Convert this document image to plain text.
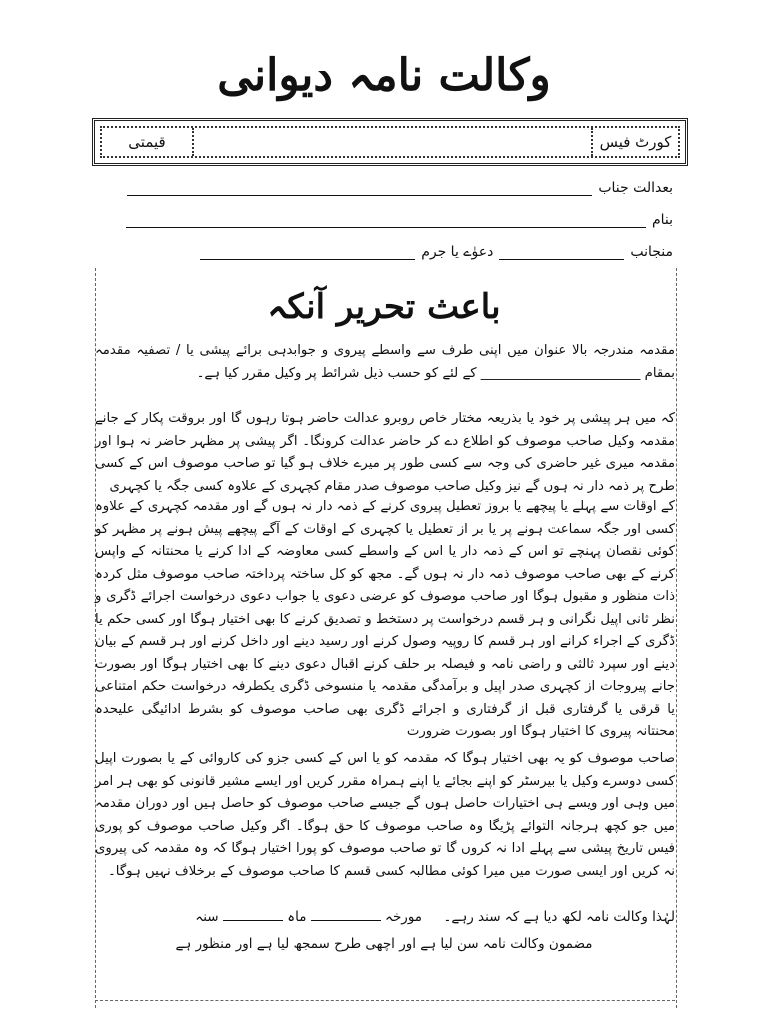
وکالت نامہ دیوانی
کورٹ فیس
قیمتی
بعدالت جناب
بنام
منجانب
دعوٰے یا جرم
باعث تحریر آنکہ
مقدمہ مندرجہ بالا عنوان میں اپنی طرف سے واسطے پیروی و جوابدہی برائے پیشی یا / تصفیہ مقدمہ بمقام ________________________ کے لئے کو حسب ذیل شرائط پر وکیل مقرر کیا ہے۔
کہ میں ہر پیشی پر خود یا بذریعہ مختار خاص روبرو عدالت حاضر ہوتا رہوں گا اور بروقت پکار کے جانے مقدمہ وکیل صاحب موصوف کو اطلاع دے کر حاضر عدالت کرونگا۔ اگر پیشی پر مظہر حاضر نہ ہوا اور مقدمہ میری غیر حاضری کی وجہ سے کسی طور پر میرے خلاف ہو گیا تو صاحب موصوف اس کے کسی طرح پر ذمہ دار نہ ہوں گے نیز وکیل صاحب موصوف صدر مقام کچہری کے علاوہ کسی جگہ یا کچہری
کے اوقات سے پہلے یا پیچھے یا بروز تعطیل پیروی کرنے کے ذمہ دار نہ ہوں گے اور مقدمہ کچہری کے علاوہ کسی اور جگہ سماعت ہونے پر یا بر از تعطیل یا کچہری کے اوقات کے آگے پیچھے پیش ہونے پر مظہر کو کوئی نقصان پہنچے تو اس کے ذمہ دار یا اس کے واسطے کسی معاوضہ کے ادا کرنے یا محنتانہ کے واپس کرنے کے بھی صاحب موصوف ذمہ دار نہ ہوں گے۔ مجھ کو کل ساختہ پرداختہ صاحب موصوف مثل کردہ ذات منظور و مقبول ہوگا اور صاحب موصوف کو عرضی دعوی یا جواب دعوی درخواست اجرائے ڈگری و نظر ثانی اپیل نگرانی و ہر قسم درخواست پر دستخط و تصدیق کرنے کا بھی اختیار ہوگا اور کسی حکم یا ڈگری کے اجراء کرانے اور ہر قسم کا روپیہ وصول کرنے اور رسید دینے اور داخل کرنے اور ہر قسم کے بیان دینے اور سپرد ثالثی و راضی نامہ و فیصلہ بر حلف کرنے اقبال دعوی دینے کا بھی اختیار ہوگا اور بصورت جانے پیروجات از کچہری صدر اپیل و برآمدگی مقدمہ یا منسوخی ڈگری یکطرفہ درخواست حکم امتناعی یا قرقی یا گرفتاری قبل از گرفتاری و اجرائے ڈگری بھی صاحب موصوف کو بشرط ادائیگی علیحدہ محنتانہ پیروی کا اختیار ہوگا اور بصورت ضرورت
صاحب موصوف کو یہ بھی اختیار ہوگا کہ مقدمہ کو یا اس کے کسی جزو کی کاروائی کے یا بصورت اپیل کسی دوسرے وکیل یا بیرسٹر کو اپنے بجائے یا اپنے ہمراہ مقرر کریں اور ایسے مشیر قانونی کو بھی ہر امر میں وہی اور ویسے ہی اختیارات حاصل ہوں گے جیسے صاحب موصوف کو حاصل ہیں اور دوران مقدمہ میں جو کچھ ہرجانہ التوائے پڑیگا وہ صاحب موصوف کا حق ہوگا۔ اگر وکیل صاحب موصوف کو پوری فیس تاریخ پیشی سے پہلے ادا نہ کروں گا تو صاحب موصوف کو پورا اختیار ہوگا کہ وہ مقدمہ کی پیروی نہ کریں اور ایسی صورت میں میرا کوئی مطالبہ کسی قسم کا صاحب موصوف کے برخلاف نہیں ہوگا۔
لہٰذا وکالت نامہ لکھ دیا ہے کہ سند رہے۔     مورخہ  ماہ  سنہ
مضمون وکالت نامہ سن لیا ہے اور اچھی طرح سمجھ لیا ہے اور منظور ہے
